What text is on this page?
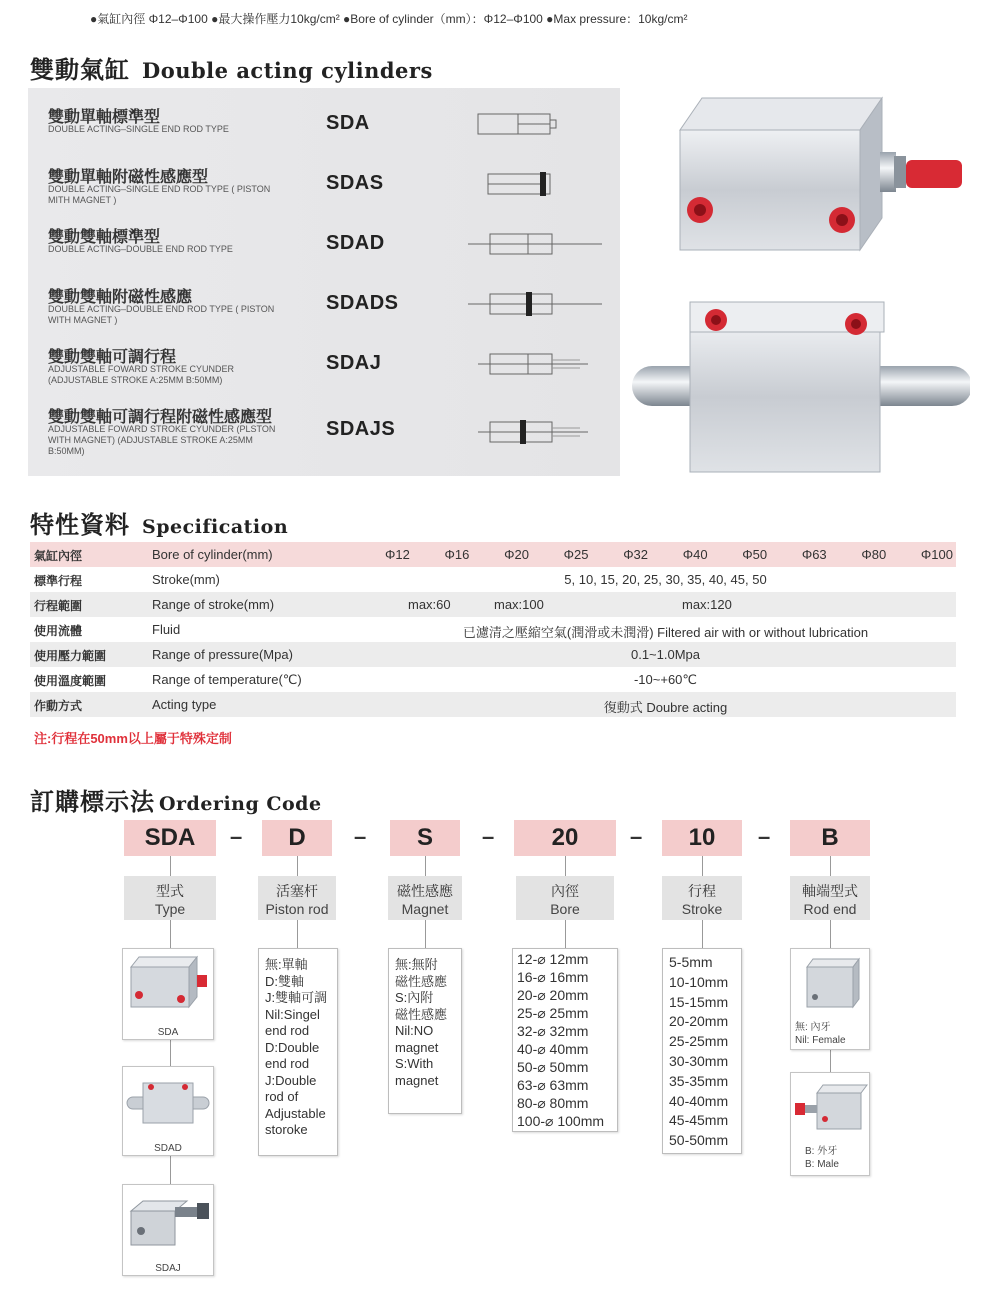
●氣缸內徑 Φ12–Φ100 ●最大操作壓力10kg/cm² ●Bore of cylinder（mm）：Φ12–Φ100 ●Max pressure：10kg/cm²
雙動氣缸 Double acting cylinders
雙動單軸標準型
DOUBLE ACTING–SINGLE END ROD TYPE	SDA
雙動單軸附磁性感應型
DOUBLE ACTING–SINGLE END ROD TYPE ( PISTON MITH MAGNET )
SDAS
雙動雙軸標準型
DOUBLE ACTING–DOUBLE END ROD TYPE	SDAD
雙動雙軸附磁性感應
DOUBLE ACTING–DOUBLE END ROD TYPE ( PISTON WITH MAGNET )
SDADS
雙動雙軸可調行程
ADJUSTABLE FOWARD STROKE CYUNDER (ADJUSTABLE STROKE A:25MM B:50MM)
SDAJ
雙動雙軸可調行程附磁性感應型
ADJUSTABLE FOWARD STROKE CYUNDER (PLSTON WITH MAGNET) (ADJUSTABLE STROKE A:25MM B:50MM)
SDAJS
特性資料 Specification
氣缸內徑	Bore of cylinder(mm)	Φ12	Φ16	Φ20	Φ25	Φ32	Φ40	Φ50	Φ63	Φ80	Φ100
標準行程	Stroke(mm)	5, 10, 15, 20, 25, 30, 35, 40, 45, 50
行程範圍	Range of stroke(mm)	max:60	max:100	max:120
使用流體	Fluid	已濾清之壓縮空氣(潤滑或未潤滑) Filtered air with or without lubrication
使用壓力範圍	Range of pressure(Mpa)	0.1~1.0Mpa
使用溫度範圍	Range of temperature(℃)	-10~+60℃
作動方式	Acting type	復動式 Doubre acting
注:行程在50mm以上屬于特殊定制
訂購標示法 Ordering Code
SDA	–	D	–	S	–	20	–	10	–	B
型式
Type
活塞杆
Piston rod
磁性感應
Magnet
內徑
Bore
行程
Stroke
軸端型式
Rod end
SDA
SDAD
SDAJ
無:單軸
D:雙軸
J:雙軸可調
Nil:Singel
end rod
D:Double
end rod
J:Double
rod of
Adjustable
storoke
無:無附
磁性感應
S:內附
磁性感應
Nil:NO
magnet
S:With
magnet
12-⌀ 12mm
16-⌀ 16mm
20-⌀ 20mm
25-⌀ 25mm
32-⌀ 32mm
40-⌀ 40mm
50-⌀ 50mm
63-⌀ 63mm
80-⌀ 80mm
100-⌀ 100mm
5-5mm
10-10mm
15-15mm
20-20mm
25-25mm
30-30mm
35-35mm
40-40mm
45-45mm
50-50mm
無: 內牙
Nil: Female
B: 外牙
B: Male
